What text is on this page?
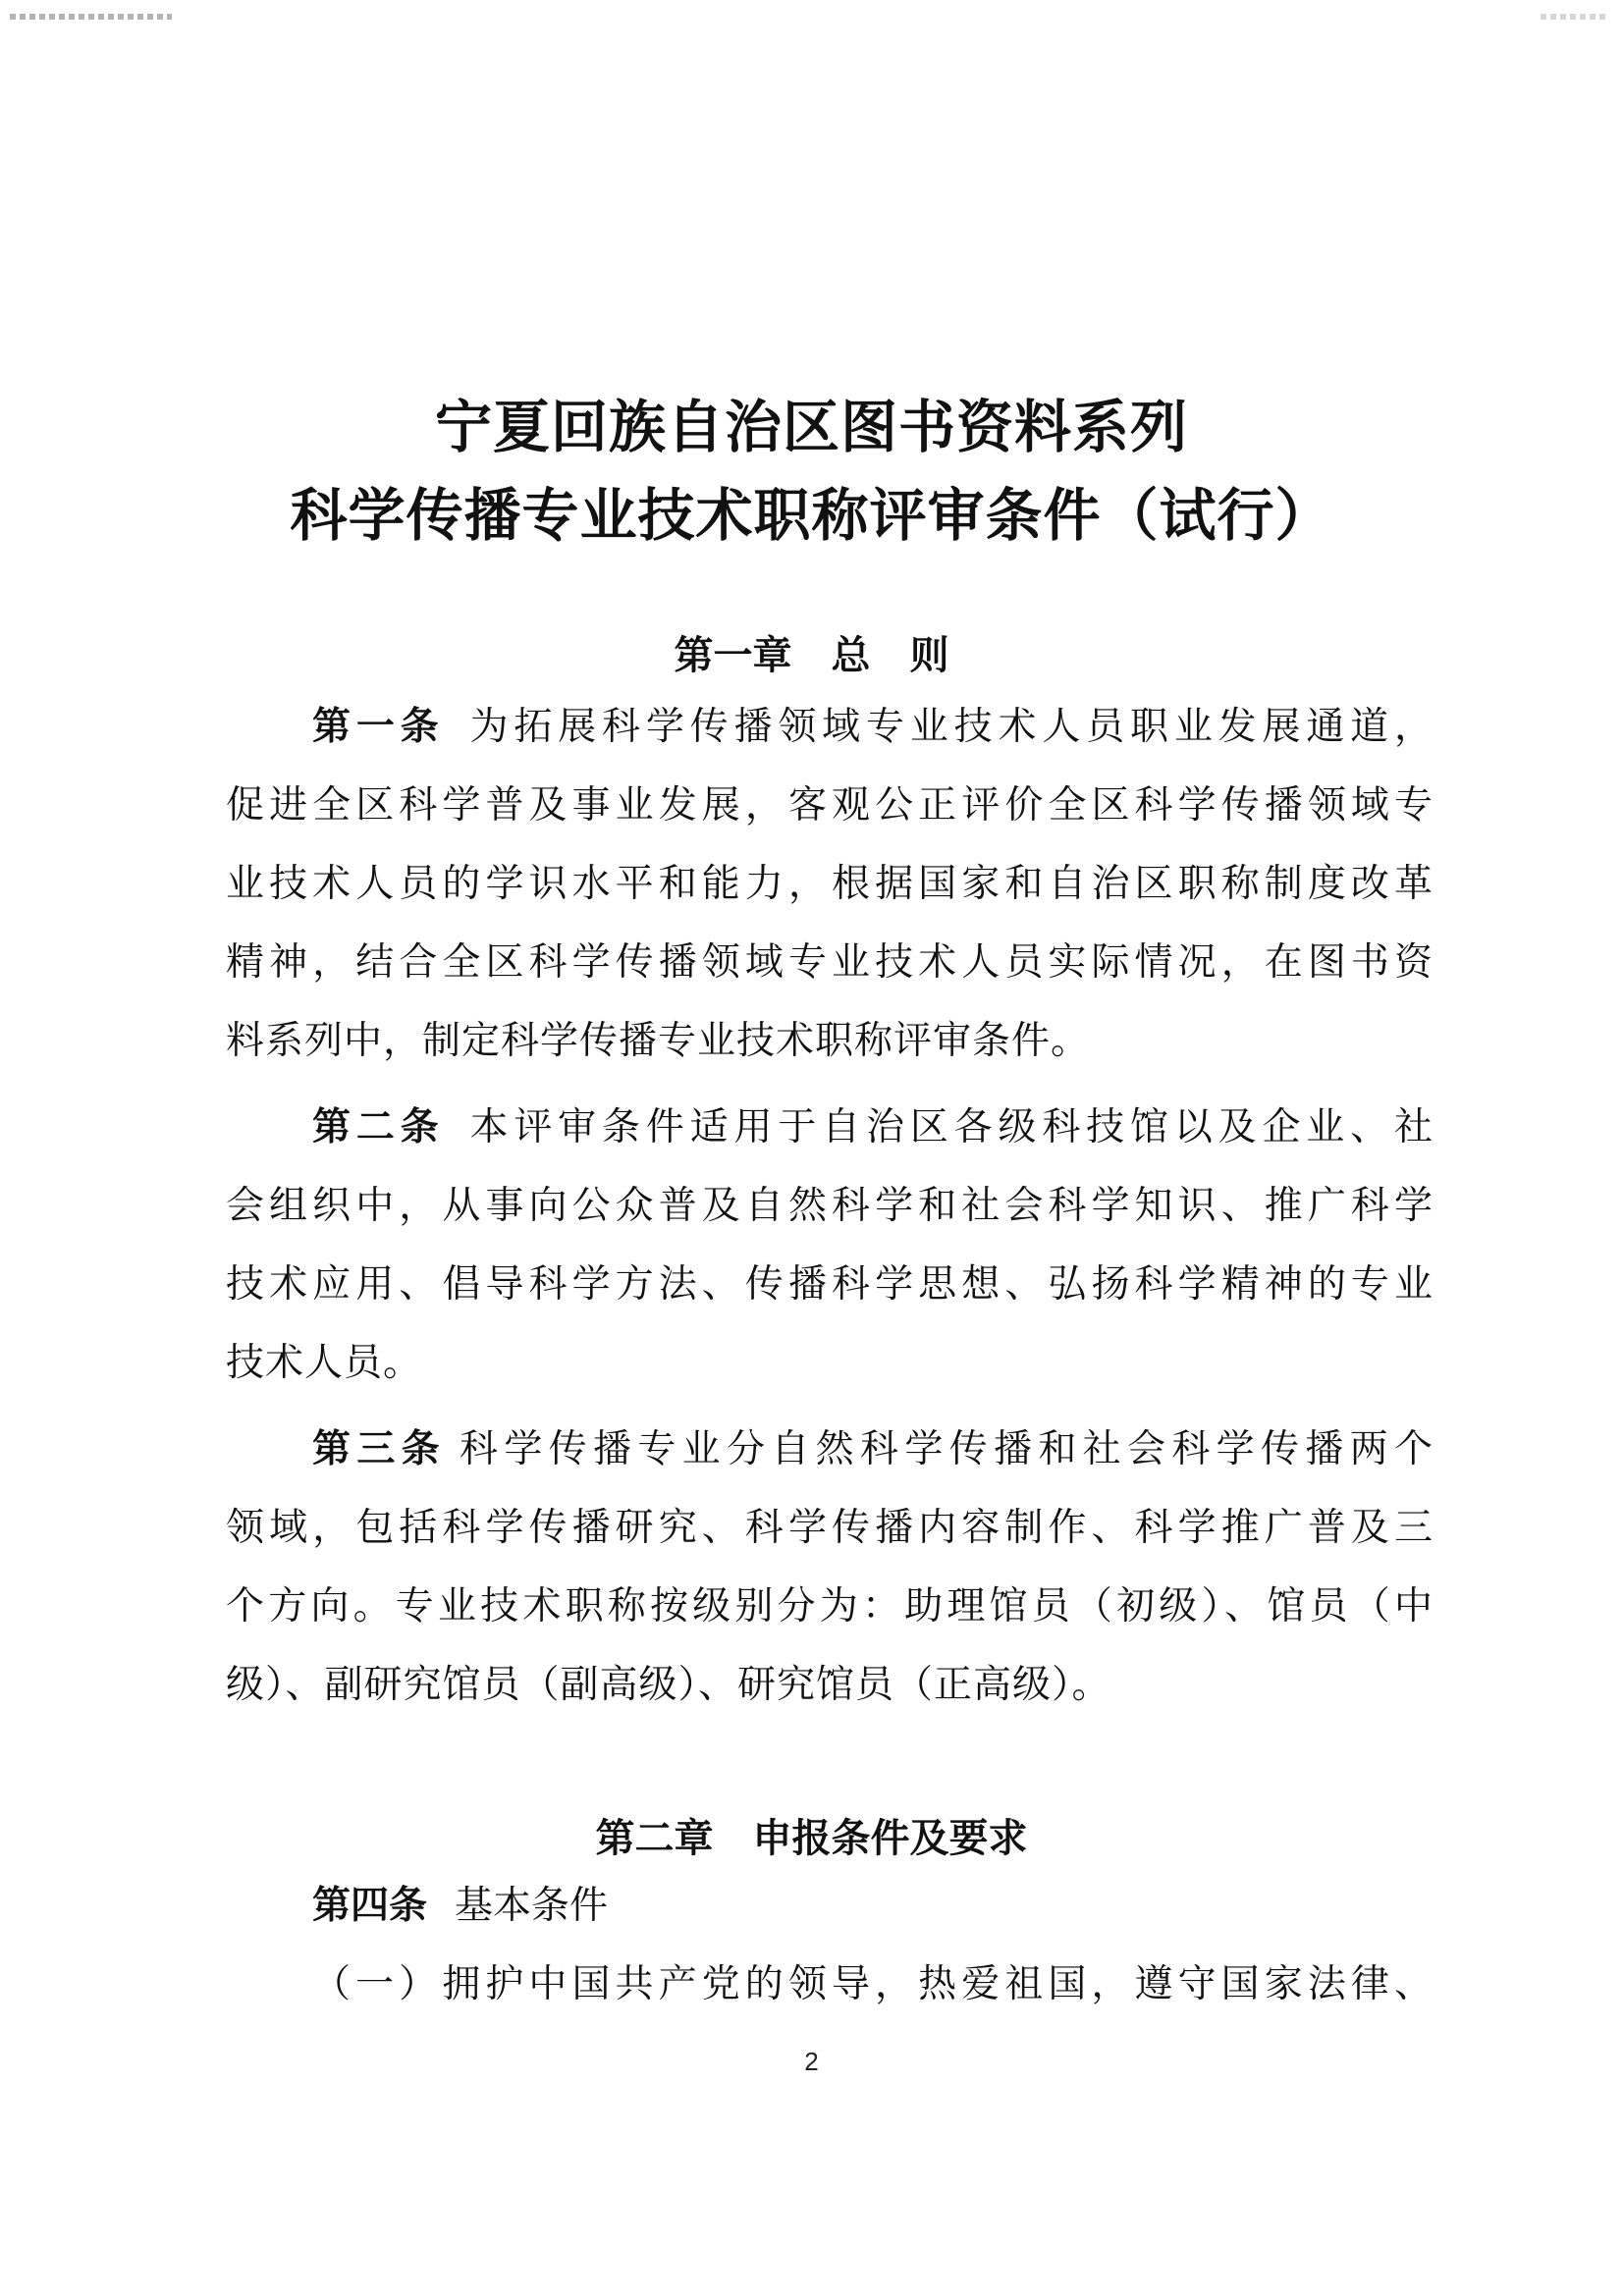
宁夏回族自治区图书资料系列
科学传播专业技术职称评审条件（试行）
第一章　总　则
第一条 为拓展科学传播领域专业技术人员职业发展通道，
促进全区科学普及事业发展，客观公正评价全区科学传播领域专
业技术人员的学识水平和能力，根据国家和自治区职称制度改革
精神，结合全区科学传播领域专业技术人员实际情况，在图书资
料系列中，制定科学传播专业技术职称评审条件。
第二条 本评审条件适用于自治区各级科技馆以及企业、社
会组织中，从事向公众普及自然科学和社会科学知识、推广科学
技术应用、倡导科学方法、传播科学思想、弘扬科学精神的专业
技术人员。
第三条 科学传播专业分自然科学传播和社会科学传播两个
领域，包括科学传播研究、科学传播内容制作、科学推广普及三
个方向。专业技术职称按级别分为：助理馆员（初级）、馆员（中
级）、副研究馆员（副高级）、研究馆员（正高级）。
第二章　申报条件及要求
第四条 基本条件
（一）拥护中国共产党的领导，热爱祖国，遵守国家法律、
2
